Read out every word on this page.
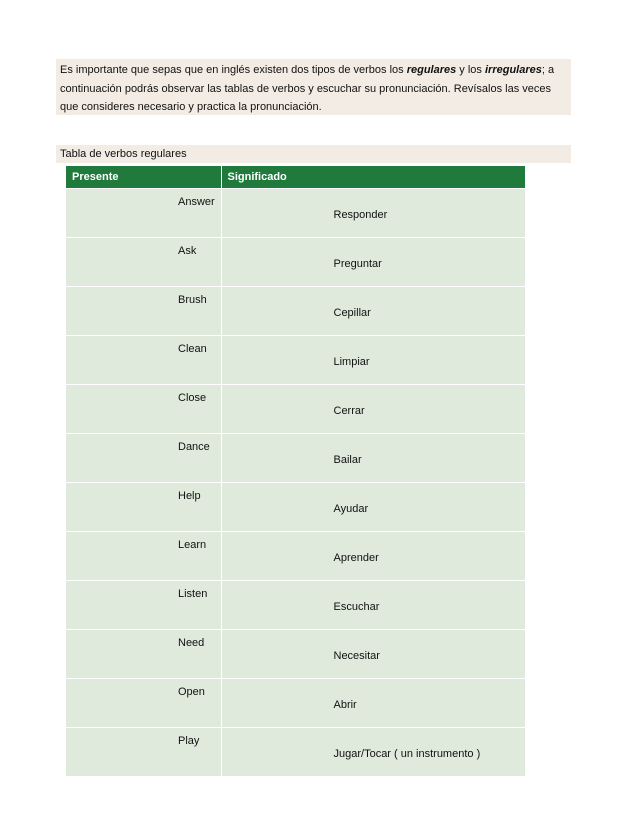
Es importante que sepas que en inglés existen dos tipos de verbos los regulares y los irregulares; a continuación podrás observar las tablas de verbos y escuchar su pronunciación. Revísalos las veces que consideres necesario y practica la pronunciación.
Tabla de verbos regulares
Presente	Significado

Answer	Responder

Ask	Preguntar

Brush	Cepillar

Clean	Limpiar

Close	Cerrar

Dance	Bailar

Help	Ayudar

Learn	Aprender

Listen	Escuchar

Need	Necesitar

Open	Abrir

Play	Jugar/Tocar ( un instrumento )
